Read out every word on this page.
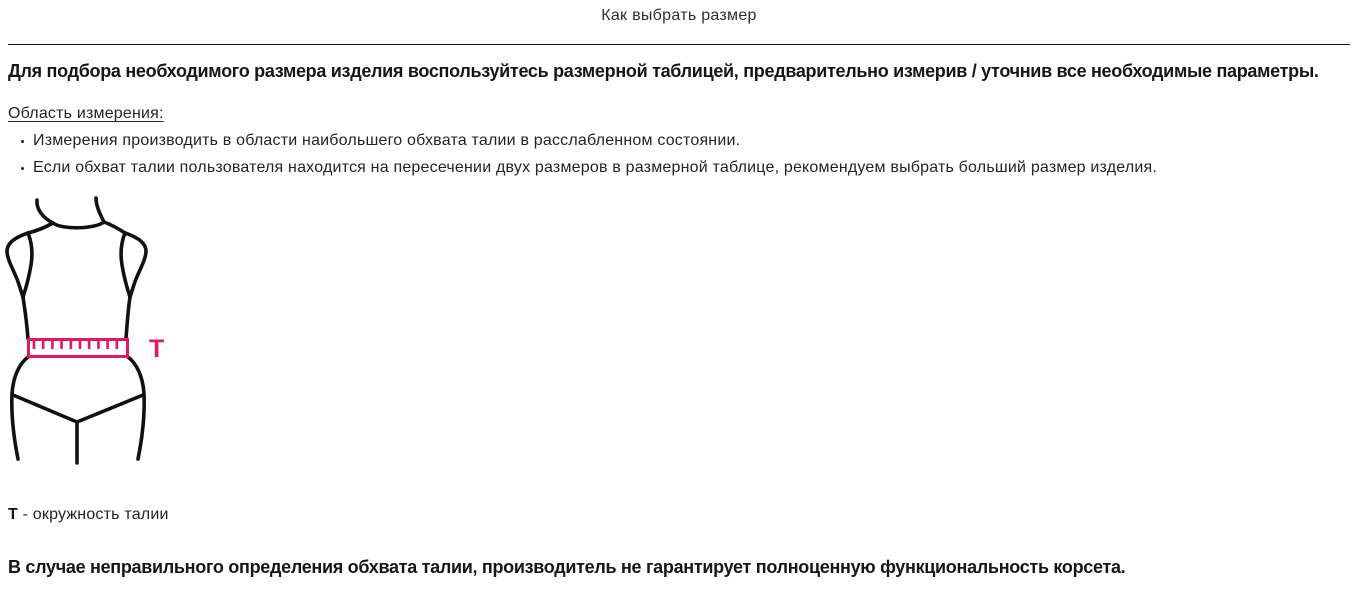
Как выбрать размер

Для подбора необходимого размера изделия воспользуйтесь размерной таблицей, предварительно измерив / уточнив все необходимые параметры.

Область измерения:

Измерения производить в области наибольшего обхвата талии в расслабленном состоянии.
Если обхват талии пользователя находится на пересечении двух размеров в размерной таблице, рекомендуем выбрать больший размер изделия.
Т

Т - окружность талии

В случае неправильного определения обхвата талии, производитель не гарантирует полноценную функциональность корсета.
